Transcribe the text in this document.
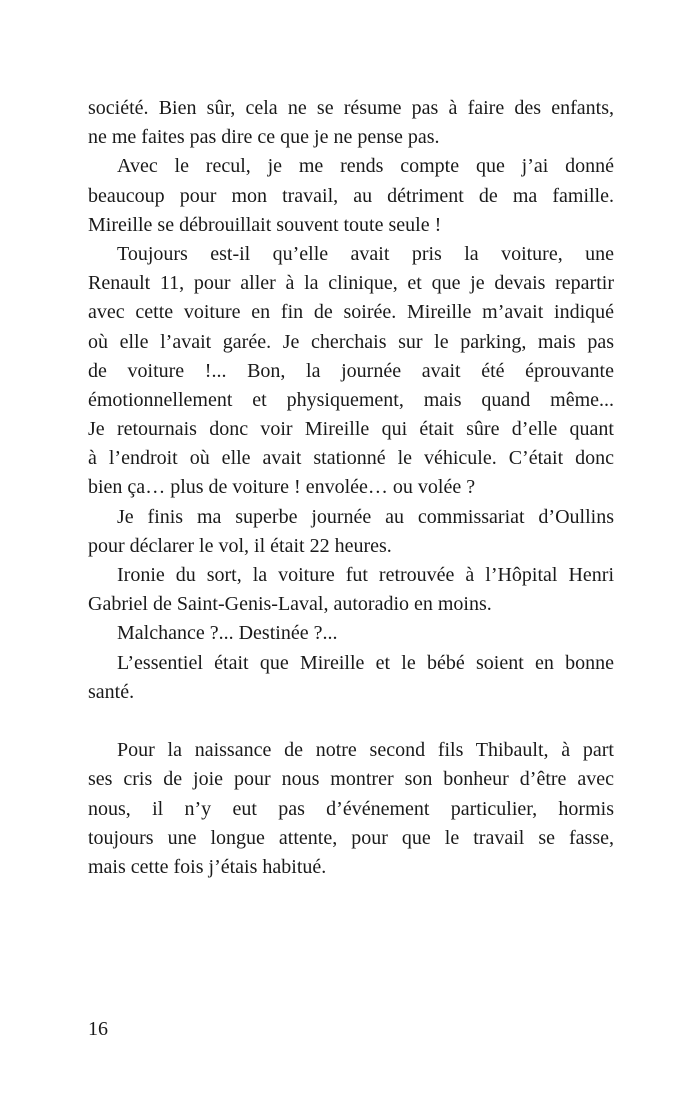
société. Bien sûr, cela ne se résume pas à faire des enfants,
ne me faites pas dire ce que je ne pense pas.
Avec le recul, je me rends compte que j’ai donné
beaucoup pour mon travail, au détriment de ma famille.
Mireille se débrouillait souvent toute seule !
Toujours est-il qu’elle avait pris la voiture, une
Renault 11, pour aller à la clinique, et que je devais repartir
avec cette voiture en fin de soirée. Mireille m’avait indiqué
où elle l’avait garée. Je cherchais sur le parking, mais pas
de voiture !... Bon, la journée avait été éprouvante
émotionnellement et physiquement, mais quand même...
Je retournais donc voir Mireille qui était sûre d’elle quant
à l’endroit où elle avait stationné le véhicule. C’était donc
bien ça… plus de voiture ! envolée… ou volée ?
Je finis ma superbe journée au commissariat d’Oullins
pour déclarer le vol, il était 22 heures.
Ironie du sort, la voiture fut retrouvée à l’Hôpital Henri
Gabriel de Saint-Genis-Laval, autoradio en moins.
Malchance ?... Destinée ?...
L’essentiel était que Mireille et le bébé soient en bonne
santé.
Pour la naissance de notre second fils Thibault, à part
ses cris de joie pour nous montrer son bonheur d’être avec
nous, il n’y eut pas d’événement particulier, hormis
toujours une longue attente, pour que le travail se fasse,
mais cette fois j’étais habitué.
16
